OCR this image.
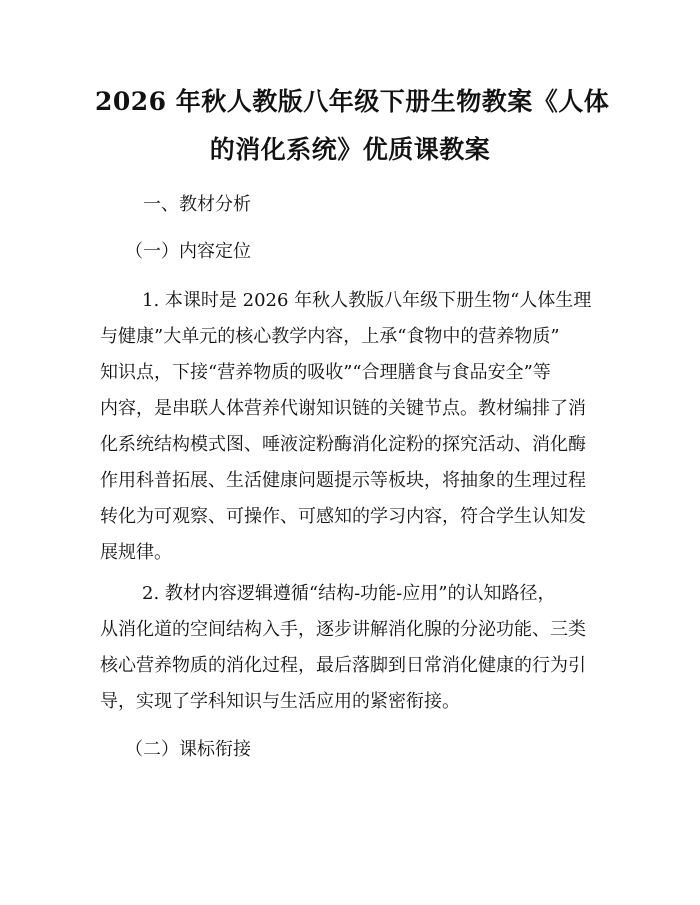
2026 年秋人教版八年级下册生物教案《人体
的消化系统》优质课教案

一、教材分析

（一）内容定位

1. 本课时是 2026 年秋人教版八年级下册生物“人体生理
与健康”大单元的核心教学内容，上承“食物中的营养物质”
知识点，下接“营养物质的吸收”“合理膳食与食品安全”等
内容，是串联人体营养代谢知识链的关键节点。教材编排了消
化系统结构模式图、唾液淀粉酶消化淀粉的探究活动、消化酶
作用科普拓展、生活健康问题提示等板块，将抽象的生理过程
转化为可观察、可操作、可感知的学习内容，符合学生认知发
展规律。
2. 教材内容逻辑遵循“结构-功能-应用”的认知路径，
从消化道的空间结构入手，逐步讲解消化腺的分泌功能、三类
核心营养物质的消化过程，最后落脚到日常消化健康的行为引
导，实现了学科知识与生活应用的紧密衔接。

（二）课标衔接
